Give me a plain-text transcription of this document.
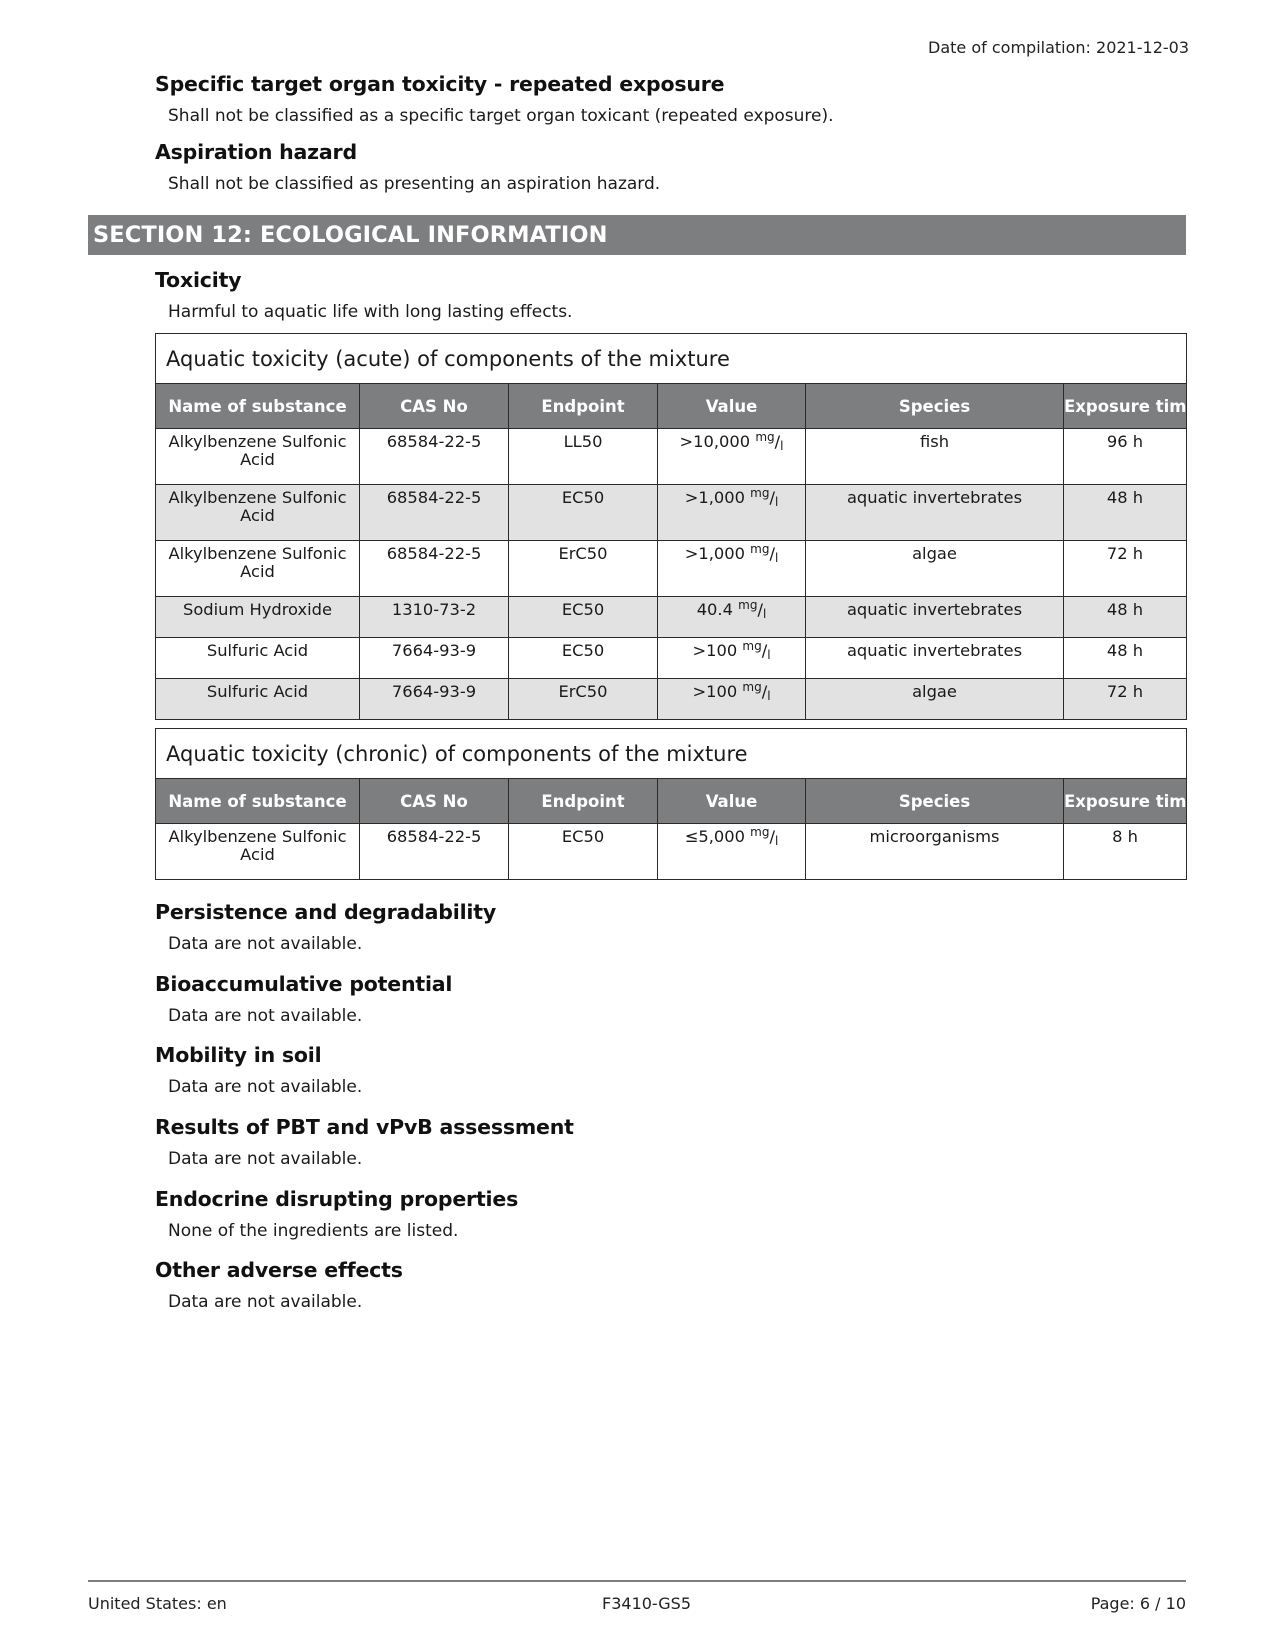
Date of compilation: 2021-12-03
Specific target organ toxicity - repeated exposure
Shall not be classified as a specific target organ toxicant (repeated exposure).
Aspiration hazard
Shall not be classified as presenting an aspiration hazard.
SECTION 12: ECOLOGICAL INFORMATION
Toxicity
Harmful to aquatic life with long lasting effects.
Aquatic toxicity (acute) of components of the mixture
Name of substance	CAS No	Endpoint	Value	Species	Exposure time
Alkylbenzene Sulfonic Acid	68584-22-5	LL50	>10,000 $^{mg}$/l	fish	96 h
Alkylbenzene Sulfonic Acid	68584-22-5	EC50	>1,000 $^{mg}$/l	aquatic invertebrates	48 h
Alkylbenzene Sulfonic Acid	68584-22-5	ErC50	>1,000 $^{mg}$/l	algae	72 h
Sodium Hydroxide	1310-73-2	EC50	40.4 $^{mg}$/l	aquatic invertebrates	48 h
Sulfuric Acid	7664-93-9	EC50	>100 $^{mg}$/l	aquatic invertebrates	48 h
Sulfuric Acid	7664-93-9	ErC50	>100 $^{mg}$/l	algae	72 h
Aquatic toxicity (chronic) of components of the mixture
Name of substance	CAS No	Endpoint	Value	Species	Exposure time
Alkylbenzene Sulfonic Acid	68584-22-5	EC50	≤5,000 $^{mg}$/l	microorganisms	8 h
Persistence and degradability
Data are not available.
Bioaccumulative potential
Data are not available.
Mobility in soil
Data are not available.
Results of PBT and vPvB assessment
Data are not available.
Endocrine disrupting properties
None of the ingredients are listed.
Other adverse effects
Data are not available.
United States: en	F3410-GS5	Page: 6 / 10
